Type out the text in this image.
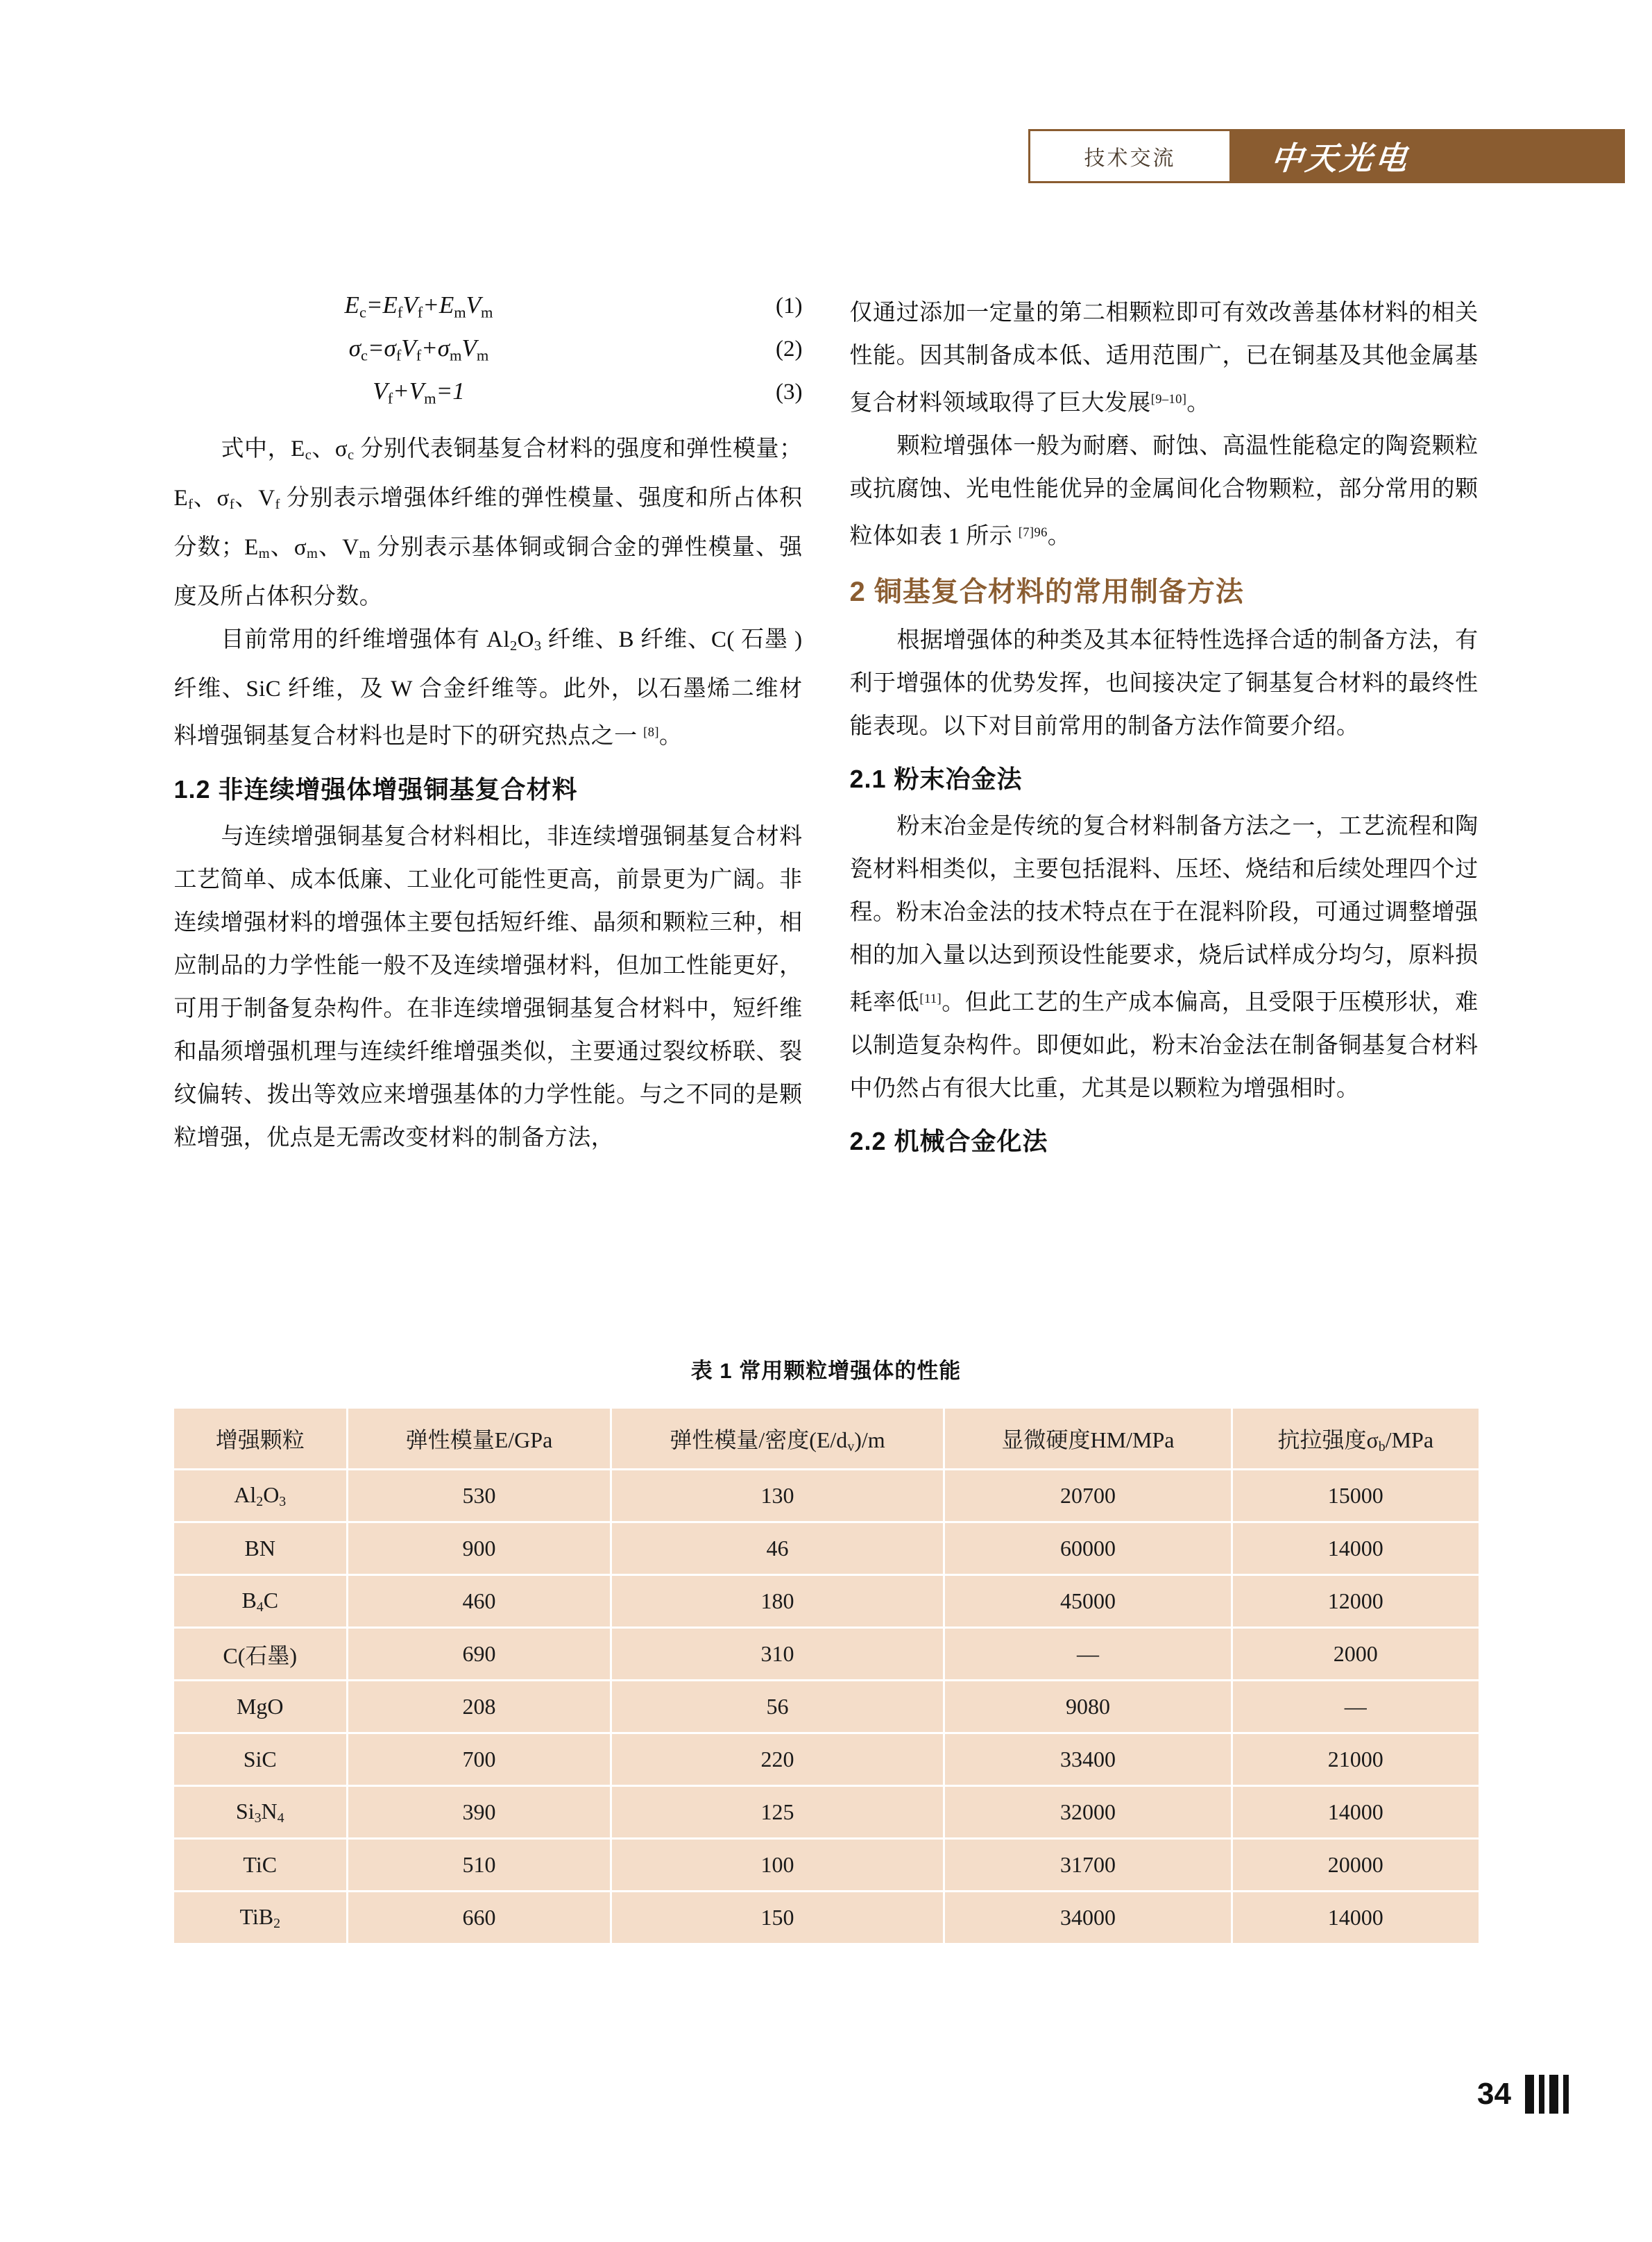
技术交流	中天光电
$E_c=E_fV_f+E_mV_m$	(1)
$\sigma_c=\sigma_fV_f+\sigma_mV_m$	(2)
$V_f+V_m=1$	(3)

式中，$E_c$、$\sigma_c$ 分别代表铜基复合材料的强度和弹性模量；$E_f$、$\sigma_f$、$V_f$ 分别表示增强体纤维的弹性模量、强度和所占体积分数；$E_m$、$\sigma_m$、$V_m$ 分别表示基体铜或铜合金的弹性模量、强度及所占体积分数。

目前常用的纤维增强体有 $Al_2O_3$ 纤维、B 纤维、C( 石墨 ) 纤维、SiC 纤维，及 W 合金纤维等。此外，以石墨烯二维材料增强铜基复合材料也是时下的研究热点之一 [8]。

1.2 非连续增强体增强铜基复合材料

与连续增强铜基复合材料相比，非连续增强铜基复合材料工艺简单、成本低廉、工业化可能性更高，前景更为广阔。非连续增强材料的增强体主要包括短纤维、晶须和颗粒三种，相应制品的力学性能一般不及连续增强材料，但加工性能更好，可用于制备复杂构件。在非连续增强铜基复合材料中，短纤维和晶须增强机理与连续纤维增强类似，主要通过裂纹桥联、裂纹偏转、拨出等效应来增强基体的力学性能。与之不同的是颗粒增强，优点是无需改变材料的制备方法，

仅通过添加一定量的第二相颗粒即可有效改善基体材料的相关性能。因其制备成本低、适用范围广，已在铜基及其他金属基复合材料领域取得了巨大发展[9–10]。

颗粒增强体一般为耐磨、耐蚀、高温性能稳定的陶瓷颗粒或抗腐蚀、光电性能优异的金属间化合物颗粒，部分常用的颗粒体如表 1 所示 $^{[7]96}$。

2 铜基复合材料的常用制备方法

根据增强体的种类及其本征特性选择合适的制备方法，有利于增强体的优势发挥，也间接决定了铜基复合材料的最终性能表现。以下对目前常用的制备方法作简要介绍。

2.1 粉末冶金法

粉末冶金是传统的复合材料制备方法之一，工艺流程和陶瓷材料相类似，主要包括混料、压坯、烧结和后续处理四个过程。粉末冶金法的技术特点在于在混料阶段，可通过调整增强相的加入量以达到预设性能要求，烧后试样成分均匀，原料损耗率低[11]。但此工艺的生产成本偏高，且受限于压模形状，难以制造复杂构件。即便如此，粉末冶金法在制备铜基复合材料中仍然占有很大比重，尤其是以颗粒为增强相时。

2.2 机械合金化法
表 1 常用颗粒增强体的性能
增强颗粒	弹性模量E/GPa	弹性模量/密度$(E/d_v)/m$	显微硬度HM/MPa	抗拉强度$\sigma_b$/MPa
$Al_2O_3$	530	130	20700	15000
BN	900	46	60000	14000
$B_4C$	460	180	45000	12000
C(石墨)	690	310	—	2000
MgO	208	56	9080	—
SiC	700	220	33400	21000
$Si_3N_4$	390	125	32000	14000
TiC	510	100	31700	20000
TiB$_2$	660	150	34000	14000
34
